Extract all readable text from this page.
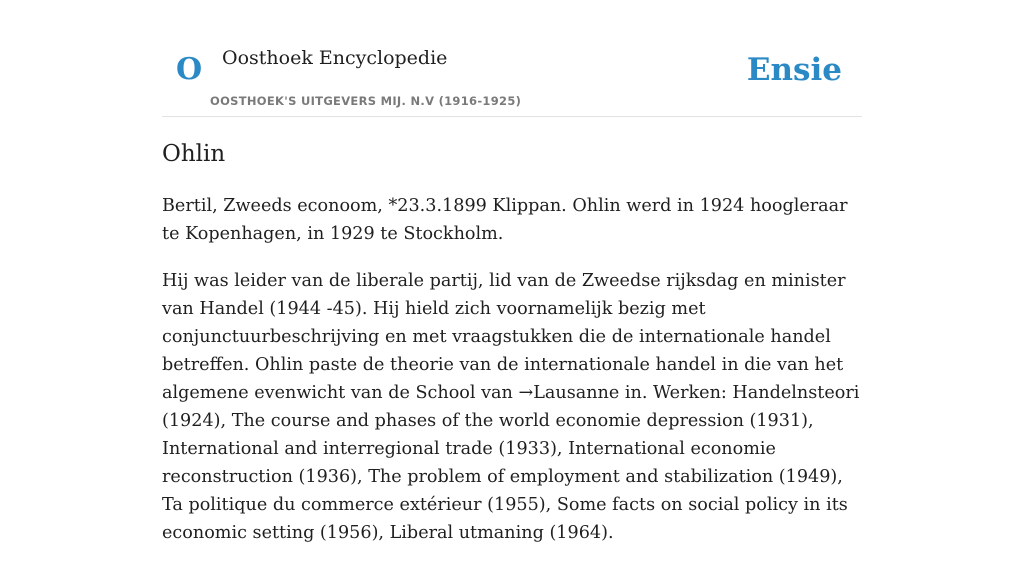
O Oosthoek Encyclopedie
OOSTHOEK'S UITGEVERS MIJ. N.V (1916-1925)
Ensie
Ohlin

Bertil, Zweeds econoom, *23.3.1899 Klippan. Ohlin werd in 1924 hoogleraar te Kopenhagen, in 1929 te Stockholm.

Hij was leider van de liberale partij, lid van de Zweedse rijksdag en minister van Handel (1944 -45). Hij hield zich voornamelijk bezig met conjunctuurbeschrijving en met vraagstukken die de internationale handel betreffen. Ohlin paste de theorie van de internationale handel in die van het algemene evenwicht van de School van →Lausanne in. Werken: Handelnsteori (1924), The course and phases of the world economie depression (1931), International and interregional trade (1933), International economie reconstruction (1936), The problem of employment and stabilization (1949), Ta politique du commerce extérieur (1955), Some facts on social policy in its economic setting (1956), Liberal utmaning (1964).
